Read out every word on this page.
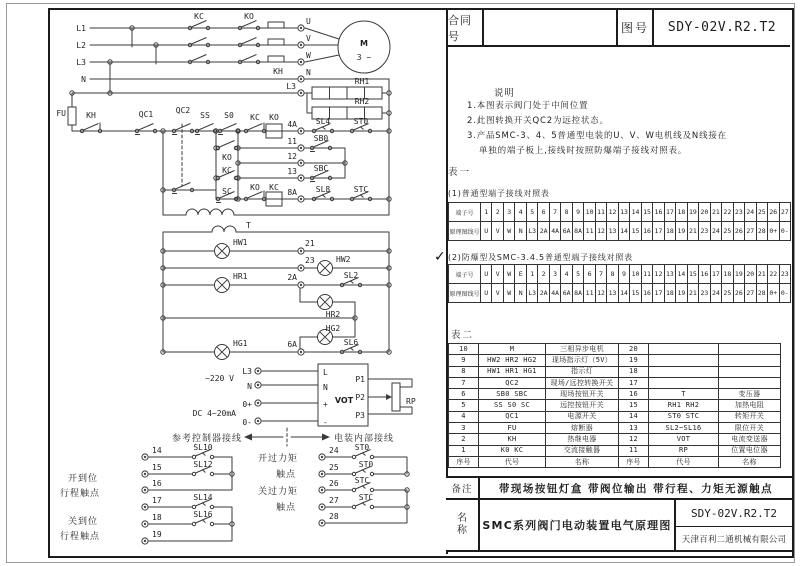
L1
L2
L3
N
KC	KO
U
V
W
N
KH
M
3 ~
L3
RH1
RH2
FU	KH	QC1	QC2
SS S0 KC KO
4A SL4	ST0
KO
11 SB0
12
13 SBC
KC
SC KO KC
8A SL8	STC
T
HW1	21
23	HW2
HR1	2A	SL2
HR2
HG2
HG1	6A	SL6
~220 V
L3
N
0+
0-
DC 4~20mA
L
N
+
-
VOT
P1
P2
P3
RP
参考控制器接线	电装内部接线
14	SL10
15	SL12
16
开到位
行程触点
17	SL14
18	SL16
19
关到位
行程触点
开过力矩
触点
24 ST0
25	ST0
26 STC
27	STC
28
关过力矩
触点
合同号
图号	SDY-02V.R2.T2
说明
1.本图表示阀门处于中间位置
2.此图转换开关QC2为远控状态。
3.产品SMC-3、4、5普通型电装的U、V、W电机线及N线接在
单独的端子板上,接线时按照防爆端子接线对照表。
表一
(1)普通型端子接线对照表
端子号	1	2	3	4	5	6	7	8	9 10 11 12 13 14 15 16 17 18 19 20 21 22 23 24 25 26 27
原理图线号 U	V	W	N L3 2A 4A 6A 8A 11 12 13 14 15 16 17 18 19 21 23 24 25 26 27 28 0+ 0-
✓ (2)防爆型及SMC-3.4.5普通型端子接线对照表
端子号	U	V	W	E	1	2	3	4	5	6	7	8	9 10 11 12 13 14 15 16 17 18 19 20 21 22 23
原理图线号 U	V	W	N L3 2A 4A 6A 8A 11 12 13 14 15 16 17 18 19 21 23 24 25 26 27 28 0+ 0-
表二
10	M	三相异步电机	20
9	HW2 HR2 HG2	现场指示灯（5V）	19
8	HW1 HR1 HG1	指示灯	18
7	QC2	现场/远控转换开关	17
6	SB0 SBC	现场按钮开关	16	T	变压器
5	SS S0 SC	远控按钮开关	15	RH1 RH2	加热电阻
4	QC1	电源开关	14	ST0 STC	转矩开关
3	FU	熔断器	13	SL2~SL16	限位开关
2	KH	热继电器	12	VOT	电流变送器
1	K0 KC	交流接触器	11	RP	位置电位器
序号	代号	名称	序号	代号	名称
备注	带现场按钮灯盒 带阀位输出 带行程、力矩无源触点
名
称 SMC系列阀门电动装置电气原理图
SDY-02V.R2.T2
天津百利二通机械有限公司
